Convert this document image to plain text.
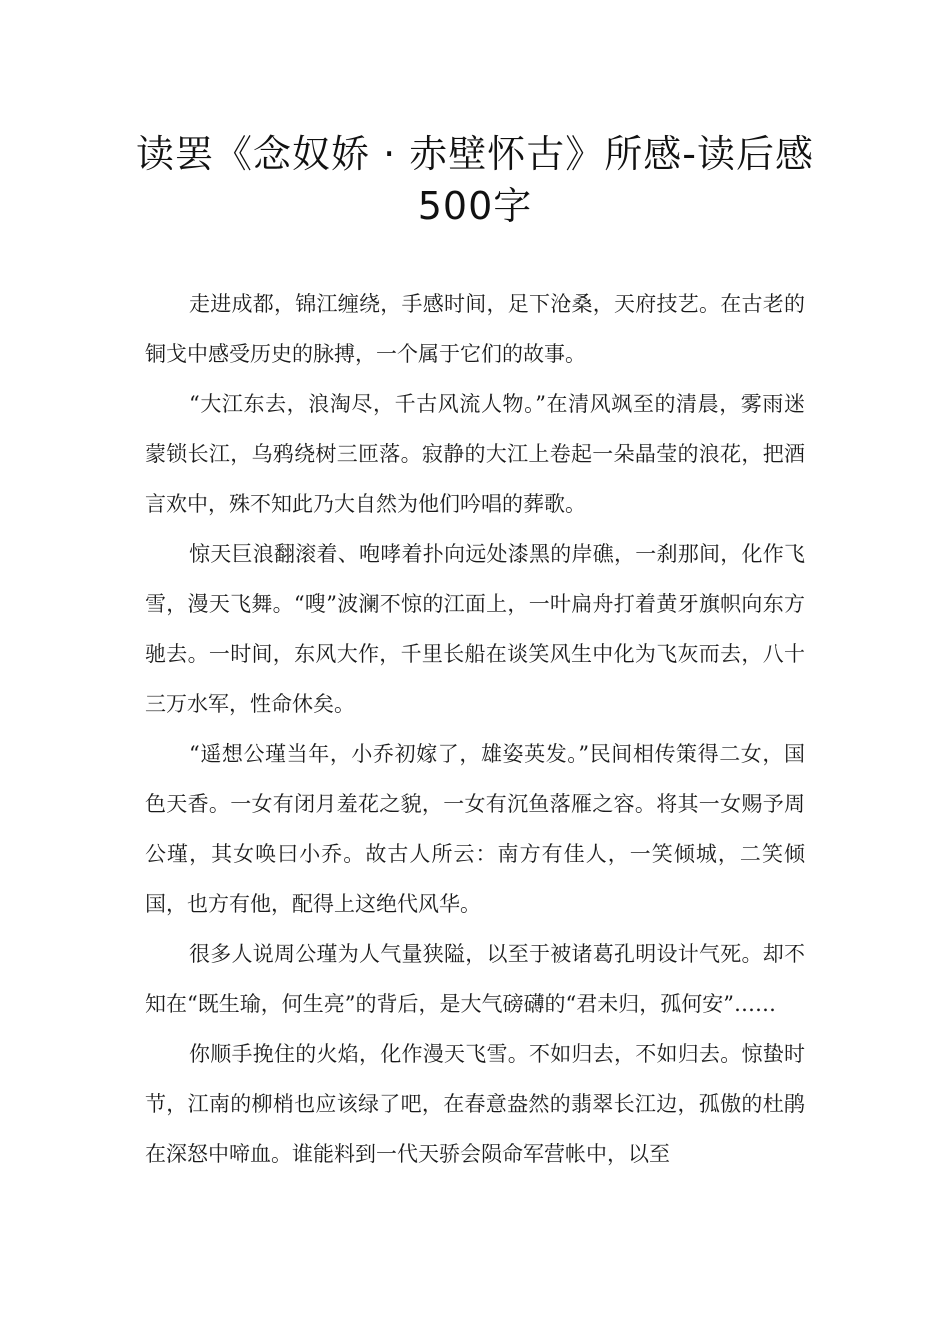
读罢《念奴娇 · 赤壁怀古》所感-读后感500字

走进成都，锦江缠绕，手感时间，足下沧桑，天府技艺。在古老的铜戈中感受历史的脉搏，一个属于它们的故事。

“大江东去，浪淘尽，千古风流人物。”在清风飒至的清晨，雾雨迷蒙锁长江，乌鸦绕树三匝落。寂静的大江上卷起一朵晶莹的浪花，把酒言欢中，殊不知此乃大自然为他们吟唱的葬歌。

惊天巨浪翻滚着、咆哮着扑向远处漆黑的岸礁，一刹那间，化作飞雪，漫天飞舞。“嗖”波澜不惊的江面上，一叶扁舟打着黄牙旗帜向东方驰去。一时间，东风大作，千里长船在谈笑风生中化为飞灰而去，八十三万水军，性命休矣。

“遥想公瑾当年，小乔初嫁了，雄姿英发。”民间相传策得二女，国色天香。一女有闭月羞花之貌，一女有沉鱼落雁之容。将其一女赐予周公瑾，其女唤曰小乔。故古人所云：南方有佳人，一笑倾城，二笑倾国，也方有他，配得上这绝代风华。

很多人说周公瑾为人气量狭隘，以至于被诸葛孔明设计气死。却不知在“既生瑜，何生亮”的背后，是大气磅礴的“君未归，孤何安”……

你顺手挽住的火焰，化作漫天飞雪。不如归去，不如归去。惊蛰时节，江南的柳梢也应该绿了吧，在春意盎然的翡翠长江边，孤傲的杜鹃在深怒中啼血。谁能料到一代天骄会陨命军营帐中，以至
